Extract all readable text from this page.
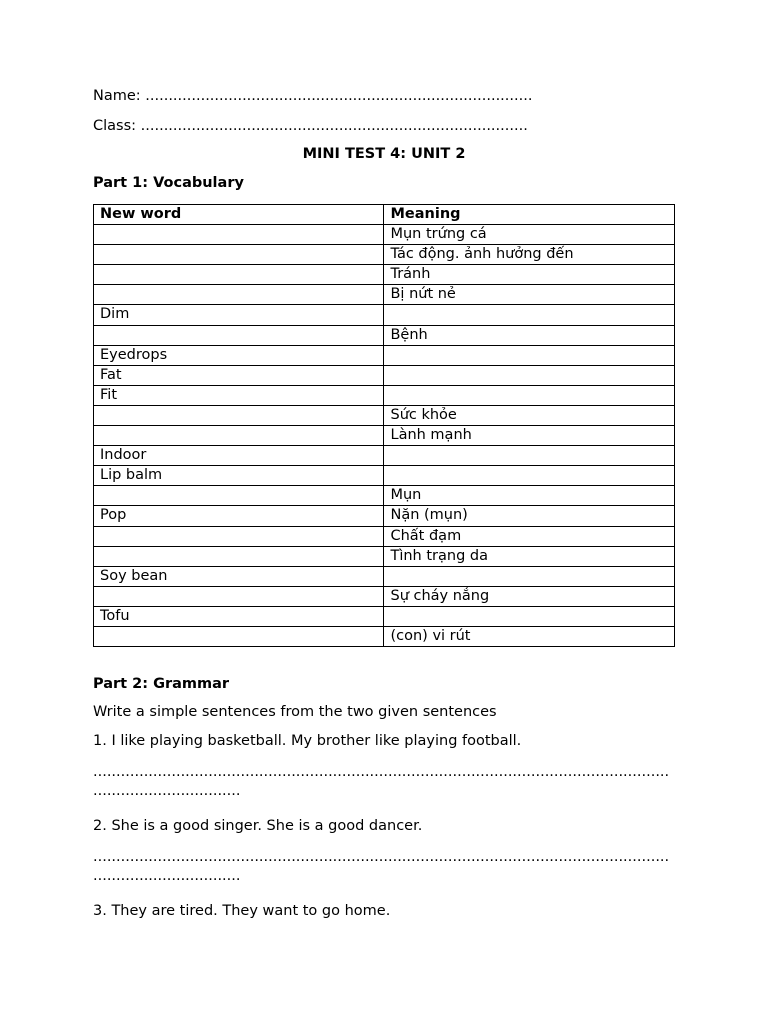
Name: ....................................................................................
Class: ....................................................................................
MINI TEST 4: UNIT 2
Part 1: Vocabulary
New word	Meaning
	Mụn trứng cá
	Tác động. ảnh hưởng đến
	Tránh
	Bị nứt nẻ
Dim	
	Bệnh
Eyedrops	
Fat	
Fit	
	Sức khỏe
	Lành mạnh
Indoor	
Lip balm	
	Mụn
Pop	Nặn (mụn)
	Chất đạm
	Tình trạng da
Soy bean	
	Sự cháy nắng
Tofu	
	(con) vi rút
Part 2: Grammar
Write a simple sentences from the two given sentences
1. I like playing basketball. My brother like playing football.
.............................................................................................................................
................................
2. She is a good singer. She is a good dancer.
.............................................................................................................................
................................
3. They are tired. They want to go home.
